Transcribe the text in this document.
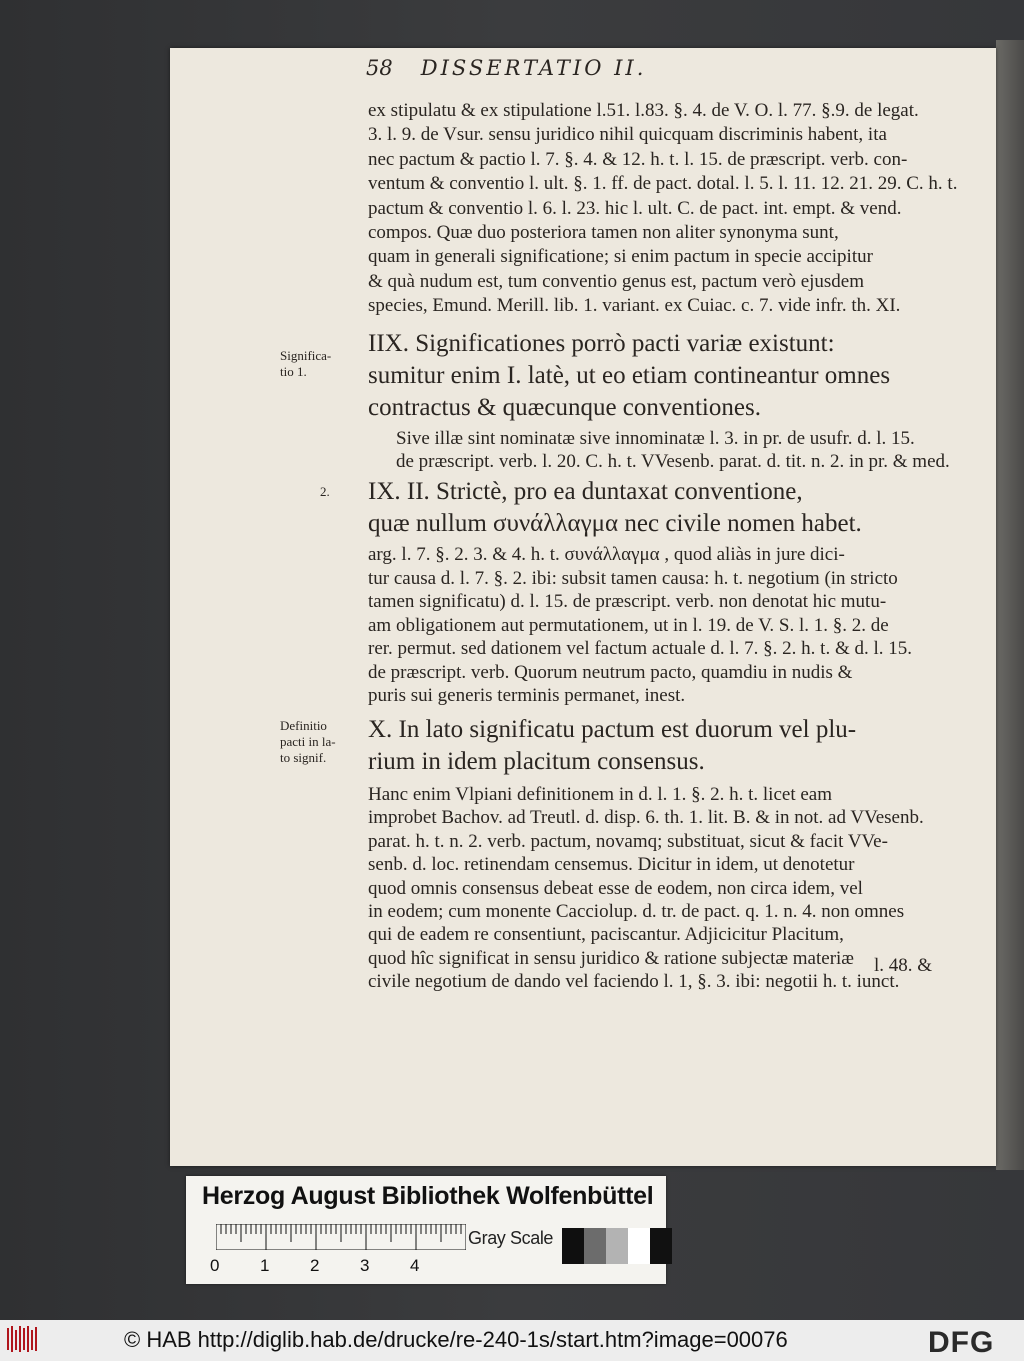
58 DISSERTATIO II.
ex stipulatu & ex stipulatione l.51. l.83. §. 4. de V. O. l. 77. §.9. de legat.
3. l. 9. de Vsur. sensu juridico nihil quicquam discriminis habent, ita
nec pactum & pactio l. 7. §. 4. & 12. h. t. l. 15. de præscript. verb. con-
ventum & conventio l. ult. §. 1. ff. de pact. dotal. l. 5. l. 11. 12. 21. 29. C. h. t.
pactum & conventio l. 6. l. 23. hic l. ult. C. de pact. int. empt. & vend.
compos. Quæ duo posteriora tamen non aliter synonyma sunt,
quam in generali significatione; si enim pactum in specie accipitur
& quà nudum est, tum conventio genus est, pactum verò ejusdem
species, Emund. Merill. lib. 1. variant. ex Cuiac. c. 7. vide infr. th. XI.
IIX. Significationes porrò pacti variæ existunt:
sumitur enim I. latè, ut eo etiam contineantur omnes
contractus & quæcunque conventiones.
Sive illæ sint nominatæ sive innominatæ l. 3. in pr. de usufr. d. l. 15.
de præscript. verb. l. 20. C. h. t. VVesenb. parat. d. tit. n. 2. in pr. & med.
IX. II. Strictè, pro ea duntaxat conventione,
quæ nullum συνάλλαγμα nec civile nomen habet.
arg. l. 7. §. 2. 3. & 4. h. t. συνάλλαγμα , quod aliàs in jure dici-
tur causa d. l. 7. §. 2. ibi: subsit tamen causa: h. t. negotium (in stricto
tamen significatu) d. l. 15. de præscript. verb. non denotat hic mutu-
am obligationem aut permutationem, ut in l. 19. de V. S. l. 1. §. 2. de
rer. permut. sed dationem vel factum actuale d. l. 7. §. 2. h. t. & d. l. 15.
de præscript. verb. Quorum neutrum pacto, quamdiu in nudis &
puris sui generis terminis permanet, inest.
X. In lato significatu pactum est duorum vel plu-
rium in idem placitum consensus.
Hanc enim Vlpiani definitionem in d. l. 1. §. 2. h. t. licet eam
improbet Bachov. ad Treutl. d. disp. 6. th. 1. lit. B. & in not. ad VVesenb.
parat. h. t. n. 2. verb. pactum, novamq; substituat, sicut & facit VVe-
senb. d. loc. retinendam censemus. Dicitur in idem, ut denotetur
quod omnis consensus debeat esse de eodem, non circa idem, vel
in eodem; cum monente Cacciolup. d. tr. de pact. q. 1. n. 4. non omnes
qui de eadem re consentiunt, paciscantur. Adjicicitur Placitum,
quod hîc significat in sensu juridico & ratione subjectæ materiæ
civile negotium de dando vel faciendo l. 1, §. 3. ibi: negotii h. t. iunct.
Significa-
tio 1.
2.
Definitio
pacti in la-
to signif.
l. 48. &
Herzog August Bibliothek Wolfenbüttel
0 1 2 3 4
Gray Scale
© HAB http://diglib.hab.de/drucke/re-240-1s/start.htm?image=00076	DFG
